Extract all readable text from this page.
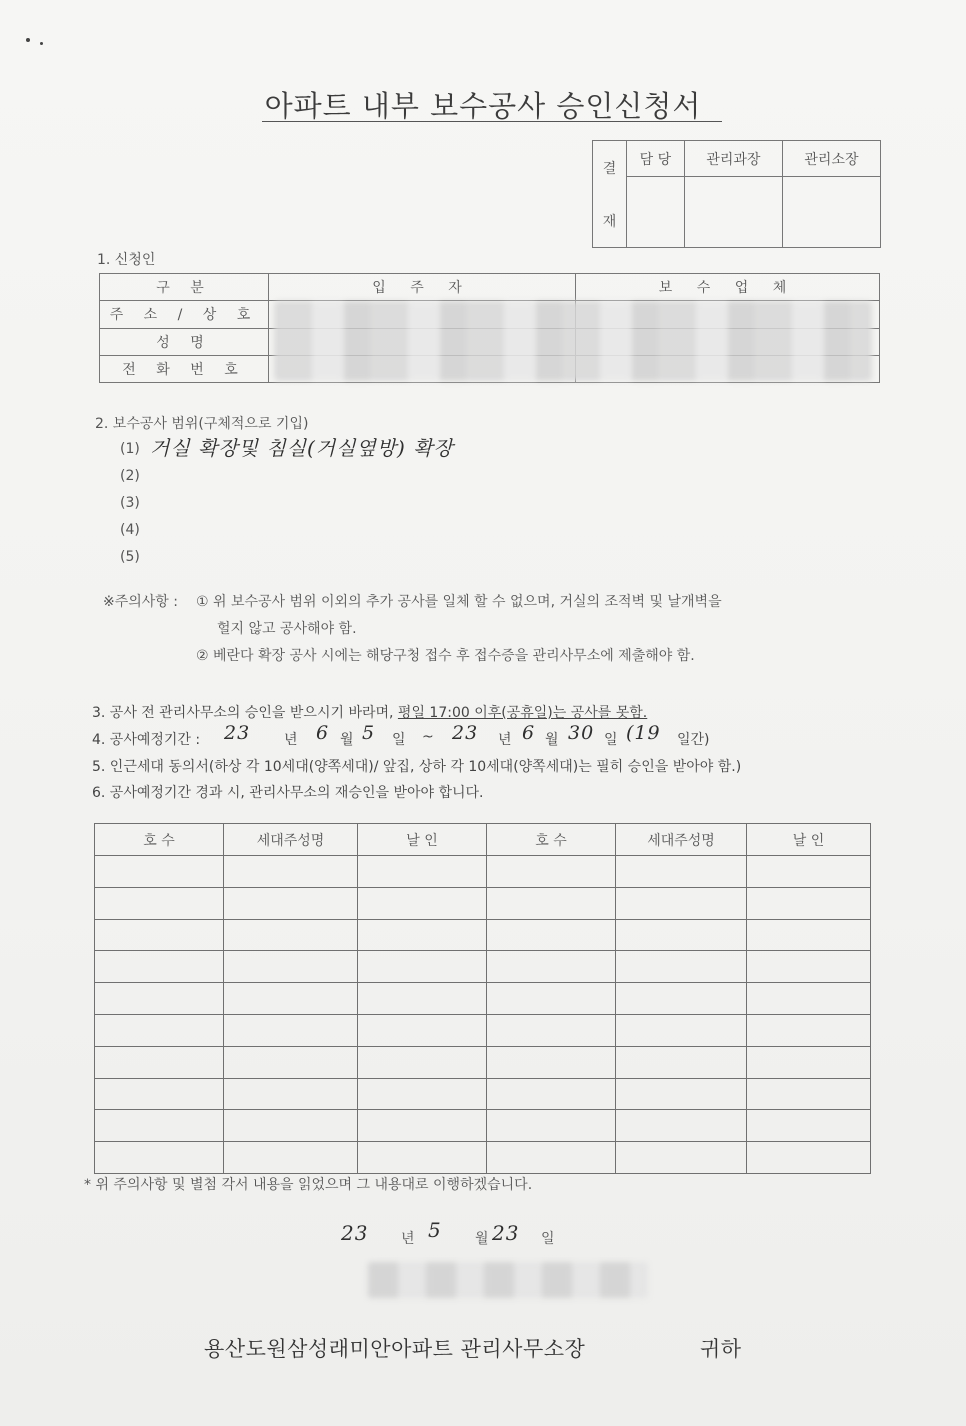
아파트 내부 보수공사 승인신청서
결
재	담 당	관리과장	관리소장

1. 신청인
구 분	입 주 자	보 수 업 체
주 소 / 상 호		
성 명		
전 화 번 호		
2. 보수공사 범위(구체적으로 기입)
(1) 거실 확장및 침실(거실옆방) 확장
(2)
(3)
(4)
(5)
※주의사항 : ① 위 보수공사 범위 이외의 추가 공사를 일체 할 수 없으며, 거실의 조적벽 및 날개벽을
헐지 않고 공사해야 함.
② 베란다 확장 공사 시에는 해당구청 접수 후 접수증을 관리사무소에 제출해야 함.
3. 공사 전 관리사무소의 승인을 받으시기 바라며, 평일 17:00 이후(공휴일)는 공사를 못함.
4. 공사예정기간 : 23 년 6 월 5 일 ~ 23 년 6 월 30 일 (19 일간)
5. 인근세대 동의서(하상 각 10세대(양쪽세대)/ 앞집, 상하 각 10세대(양쪽세대)는 필히 승인을 받아야 함.)
6. 공사예정기간 경과 시, 관리사무소의 재승인을 받아야 합니다.
호 수	세대주성명	날 인	호 수	세대주성명	날 인

* 위 주의사항 및 별첨 각서 내용을 읽었으며 그 내용대로 이행하겠습니다.
23 년 5 월 23 일
용산도원삼성래미안아파트 관리사무소장	귀하
